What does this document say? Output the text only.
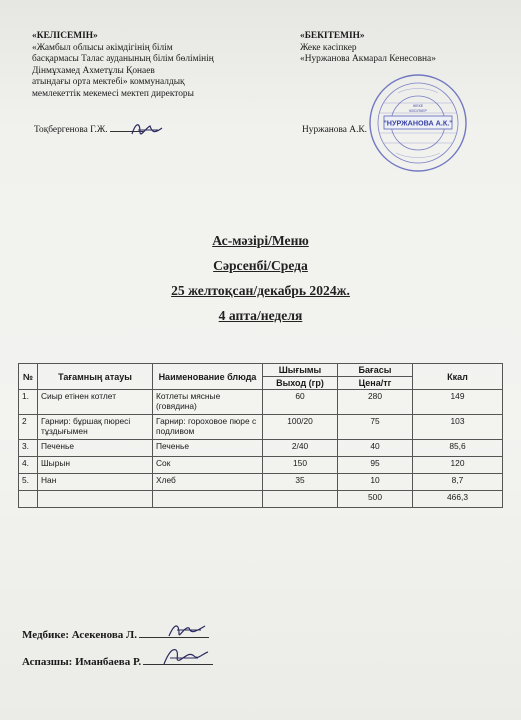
«КЕЛІСЕМІН»
«Жамбыл облысы әкімдігінің білім
басқармасы Талас ауданының білім бөлімінің
Дінмұхамед Ахметұлы Қонаев
атындағы орта мектебі» коммуналдық
мемлекеттік мекемесі мектеп директоры
Тоқбергенова Г.Ж.
«БЕКІТЕМІН»
Жеке кәсіпкер
«Нуржанова Акмарал Кенесовна»
Нуржанова А.К.
"НУРЖАНОВА А.К."
ЖЕКЕ
КӘСІПКЕР
Ас-мәзірі/Меню
Сәрсенбі/Среда
25 желтоқсан/декабрь 2024ж.
4 апта/неделя
№	Тағамның атауы	Наименование блюда	Шығымы	Бағасы	Ккал
			Выход (гр)	Цена/тг	
1.	Сиыр етінен котлет	Котлеты мясные (говядина)	60	280	149
2	Гарнир: бұршақ пюресі тұздығымен	Гарнир: гороховое пюре с подливом	100/20	75	103
3.	Печенье	Печенье	2/40	40	85,6
4.	Шырын	Сок	150	95	120
5.	Нан	Хлеб	35	10	8,7
				500	466,3
Медбике: Асекенова Л.
Аспазшы: Иманбаева Р.
